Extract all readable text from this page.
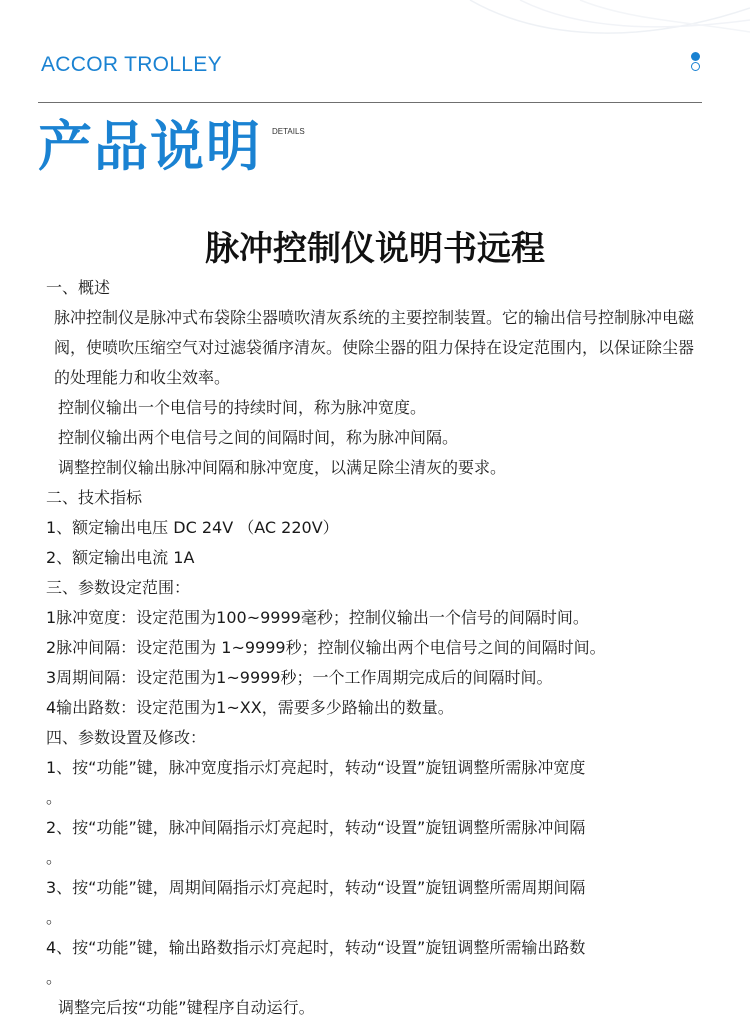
ACCOR TROLLEY
产品说明 DETAILS
脉冲控制仪说明书远程

一、概述

脉冲控制仪是脉冲式布袋除尘器喷吹清灰系统的主要控制装置。它的输出信号控制脉冲电磁阀，使喷吹压缩空气对过滤袋循序清灰。使除尘器的阻力保持在设定范围内，以保证除尘器的处理能力和收尘效率。

控制仪输出一个电信号的持续时间，称为脉冲宽度。

控制仪输出两个电信号之间的间隔时间，称为脉冲间隔。

调整控制仪输出脉冲间隔和脉冲宽度，以满足除尘清灰的要求。

二、技术指标

1、额定输出电压 DC 24V （AC 220V）

2、额定输出电流 1A

三、参数设定范围：

1脉冲宽度：设定范围为100~9999毫秒；控制仪输出一个信号的间隔时间。

2脉冲间隔：设定范围为 1~9999秒；控制仪输出两个电信号之间的间隔时间。

3周期间隔：设定范围为1~9999秒；一个工作周期完成后的间隔时间。

4输出路数：设定范围为1~XX，需要多少路输出的数量。

四、参数设置及修改：

1、按“功能”键，脉冲宽度指示灯亮起时，转动“设置”旋钮调整所需脉冲宽度

。

2、按“功能”键，脉冲间隔指示灯亮起时，转动“设置”旋钮调整所需脉冲间隔

。

3、按“功能”键，周期间隔指示灯亮起时，转动“设置”旋钮调整所需周期间隔

。

4、按“功能”键，输出路数指示灯亮起时，转动“设置”旋钮调整所需输出路数

。

调整完后按“功能”键程序自动运行。
